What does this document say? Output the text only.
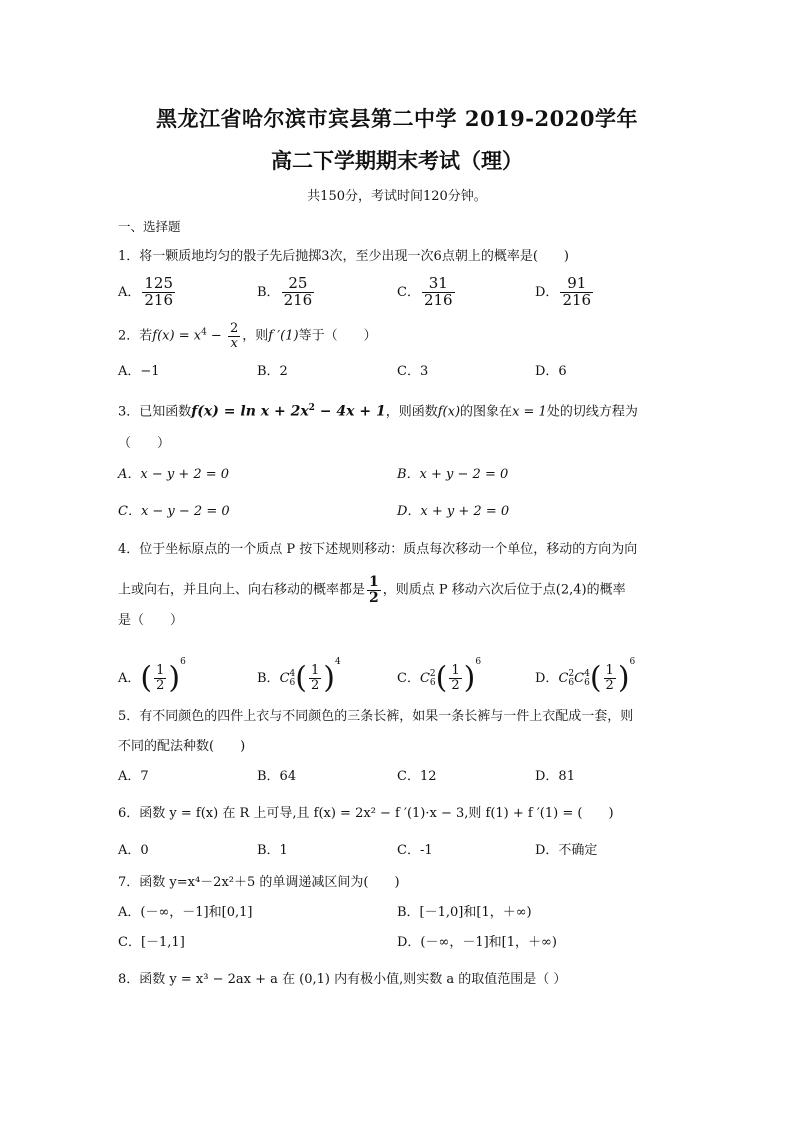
黑龙江省哈尔滨市宾县第二中学 2019-2020学年
高二下学期期末考试（理）
共150分，考试时间120分钟。
一、选择题
1．将一颗质地均匀的骰子先后抛掷3次，至少出现一次6点朝上的概率是(　　)
A． $\frac{125}{216}$	B． $\frac{25}{216}$	C． $\frac{31}{216}$	D． $\frac{91}{216}$
2．若$f(x) = x^4 - \frac{2}{x}$ ，则f ′(1)等于（　　）
A．−1	B．2	C．3	D．6
3．已知函数$f(x) = \ln x + 2x^2 - 4x + 1$，则函数f(x)的图象在x = 1处的切线方程为
（　　）
A．x − y + 2 = 0	B．x + y − 2 = 0
C．x − y − 2 = 0	D．x + y + 2 = 0
4．位于坐标原点的一个质点 P 按下述规则移动：质点每次移动一个单位，移动的方向为向
上或向右，并且向上、向右移动的概率都是 $\frac{1}{2}$ ，则质点 P 移动六次后位于点(2,4)的概率
是（　　）
A．( $\frac{1}{2} )^6$
B．C4
$6( \frac{1}{2} )^4$
C．C2
$6( \frac{1}{2} )^6$
D．C2
6C4
$6( \frac{1}{2} )^6$
5．有不同颜色的四件上衣与不同颜色的三条长裤，如果一条长裤与一件上衣配成一套，则
不同的配法种数(　　)
A．7	B．64	C．12	D．81
6．函数 y = f(x) 在 R 上可导,且 f(x) = 2x² − f ′(1)·x − 3,则 f(1) + f ′(1) = (　　)
A．0	B．1	C．-1	D．不确定
7．函数 y=x⁴－2x²＋5 的单调递减区间为(　　)
A．(－∞，－1]和[0,1]	B．[－1,0]和[1，＋∞)
C．[－1,1]	D．(－∞，－1]和[1，＋∞)
8．函数 y = x³ − 2ax + a 在 (0,1) 内有极小值,则实数 a 的取值范围是（ ）
